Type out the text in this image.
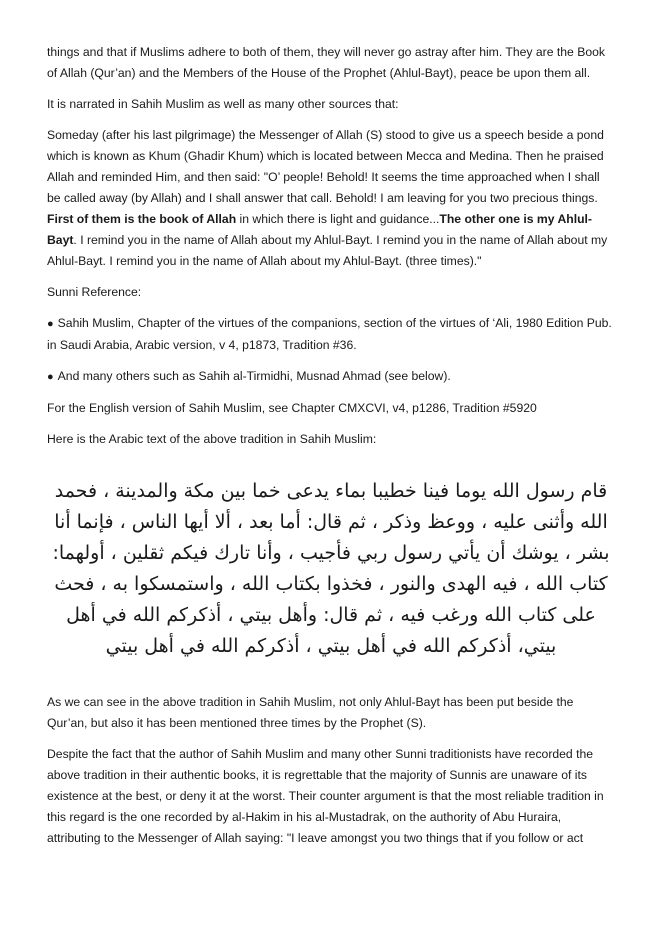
things and that if Muslims adhere to both of them, they will never go astray after him. They are the Book of Allah (Qur’an) and the Members of the House of the Prophet (Ahlul-Bayt), peace be upon them all.

It is narrated in Sahih Muslim as well as many other sources that:

Someday (after his last pilgrimage) the Messenger of Allah (S) stood to give us a speech beside a pond which is known as Khum (Ghadir Khum) which is located between Mecca and Medina. Then he praised Allah and reminded Him, and then said: "O’ people! Behold! It seems the time approached when I shall be called away (by Allah) and I shall answer that call. Behold! I am leaving for you two precious things. First of them is the book of Allah in which there is light and guidance...The other one is my Ahlul-Bayt. I remind you in the name of Allah about my Ahlul-Bayt. I remind you in the name of Allah about my Ahlul-Bayt. I remind you in the name of Allah about my Ahlul-Bayt. (three times)."

Sunni Reference:

● Sahih Muslim, Chapter of the virtues of the companions, section of the virtues of ‘Ali, 1980 Edition Pub. in Saudi Arabia, Arabic version, v 4, p1873, Tradition #36.

● And many others such as Sahih al-Tirmidhi, Musnad Ahmad (see below).

For the English version of Sahih Muslim, see Chapter CMXCVI, v4, p1286, Tradition #5920

Here is the Arabic text of the above tradition in Sahih Muslim:

قام رسول الله يوما فينا خطيبا بماء يدعى خما بين مكة والمدينة ، فحمد الله وأثنى عليه ، ووعظ وذكر ، ثم قال: أما بعد ، ألا أيها الناس ، فإنما أنا بشر ، يوشك أن يأتي رسول ربي فأجيب ، وأنا تارك فيكم ثقلين ، أولهما: كتاب الله ، فيه الهدى والنور ، فخذوا بكتاب الله ، واستمسكوا به ، فحث على كتاب الله ورغب فيه ، ثم قال: وأهل بيتي ، أذكركم الله في أهل بيتي، أذكركم الله في أهل بيتي ، أذكركم الله في أهل بيتي

As we can see in the above tradition in Sahih Muslim, not only Ahlul-Bayt has been put beside the Qur’an, but also it has been mentioned three times by the Prophet (S).

Despite the fact that the author of Sahih Muslim and many other Sunni traditionists have recorded the above tradition in their authentic books, it is regrettable that the majority of Sunnis are unaware of its existence at the best, or deny it at the worst. Their counter argument is that the most reliable tradition in this regard is the one recorded by al-Hakim in his al-Mustadrak, on the authority of Abu Huraira, attributing to the Messenger of Allah saying: "I leave amongst you two things that if you follow or act
